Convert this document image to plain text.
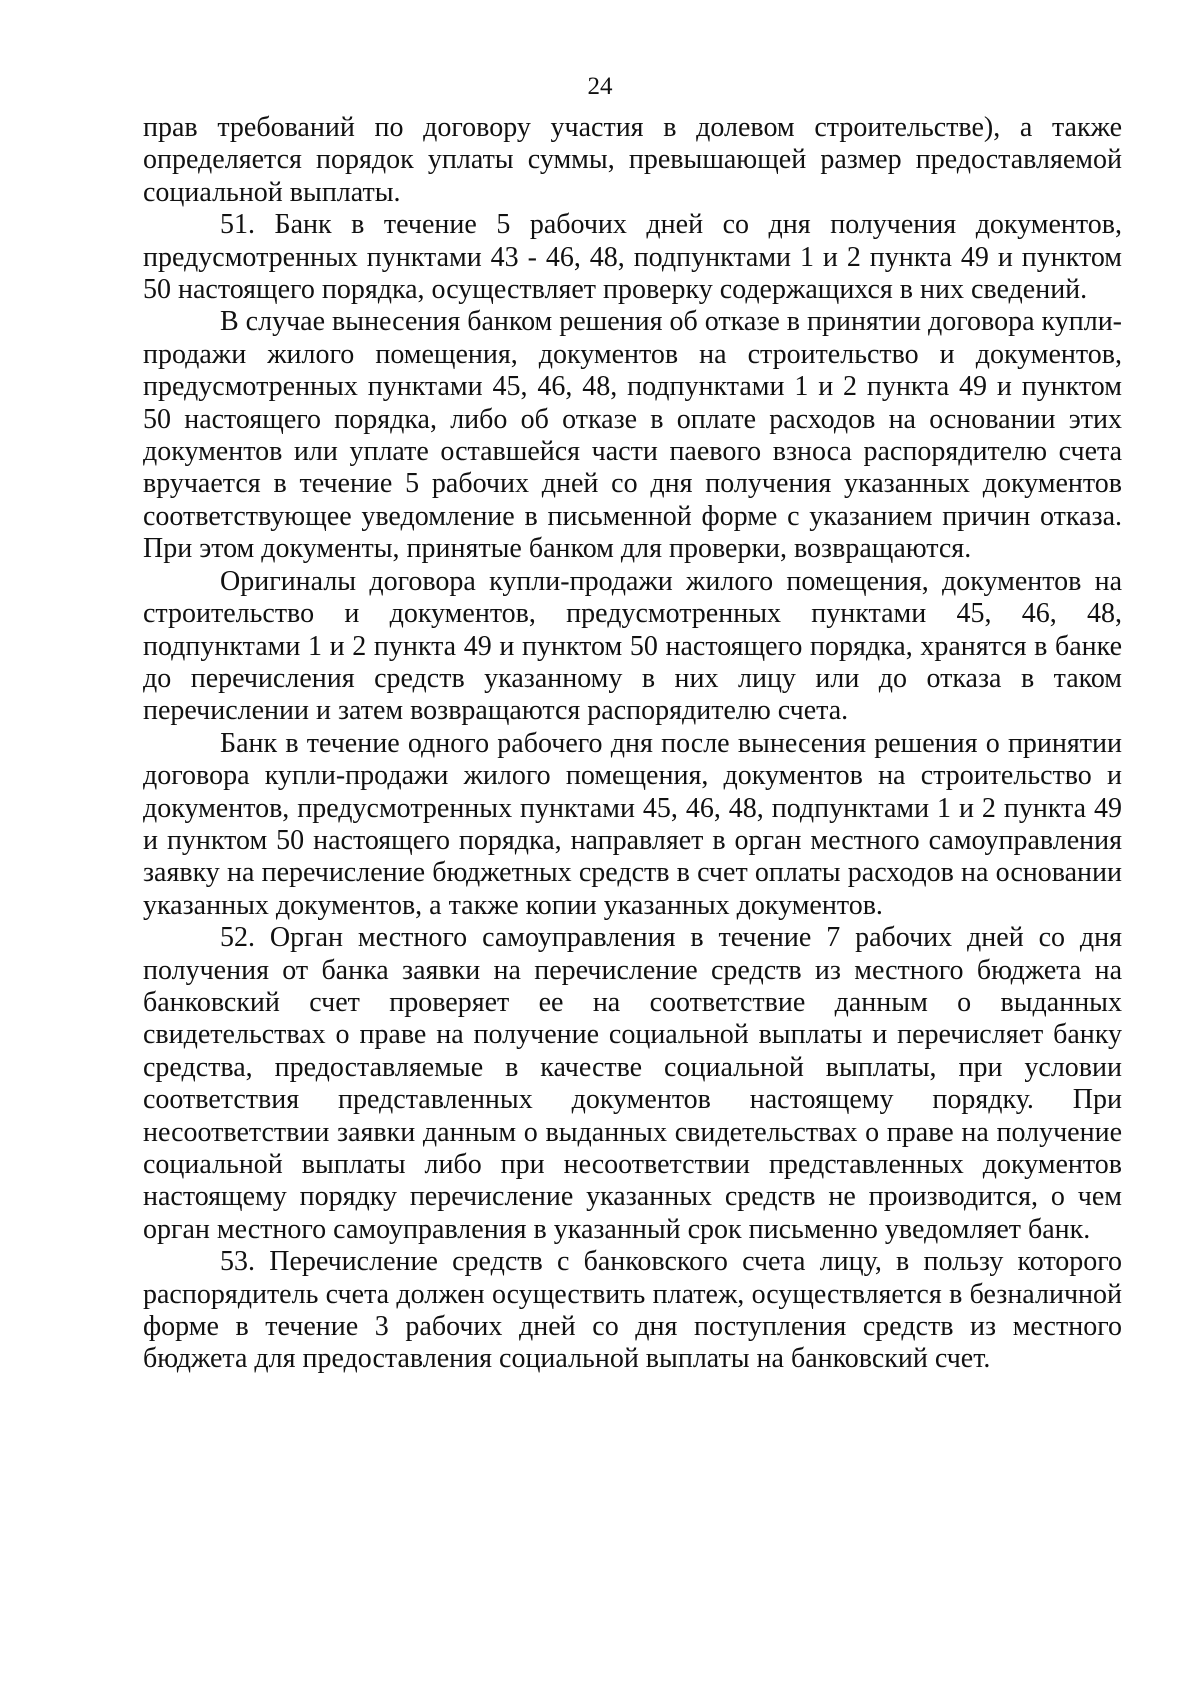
24

прав требований по договору участия в долевом строительстве), а также определяется порядок уплаты суммы, превышающей размер предоставляемой социальной выплаты.

51. Банк в течение 5 рабочих дней со дня получения документов, предусмотренных пунктами 43 - 46, 48, подпунктами 1 и 2 пункта 49 и пунктом 50 настоящего порядка, осуществляет проверку содержащихся в них сведений.

В случае вынесения банком решения об отказе в принятии договора купли-продажи жилого помещения, документов на строительство и документов, предусмотренных пунктами 45, 46, 48, подпунктами 1 и 2 пункта 49 и пунктом 50 настоящего порядка, либо об отказе в оплате расходов на основании этих документов или уплате оставшейся части паевого взноса распорядителю счета вручается в течение 5 рабочих дней со дня получения указанных документов соответствующее уведомление в письменной форме с указанием причин отказа. При этом документы, принятые банком для проверки, возвращаются.

Оригиналы договора купли-продажи жилого помещения, документов на строительство и документов, предусмотренных пунктами 45, 46, 48, подпунктами 1 и 2 пункта 49 и пунктом 50 настоящего порядка, хранятся в банке до перечисления средств указанному в них лицу или до отказа в таком перечислении и затем возвращаются распорядителю счета.

Банк в течение одного рабочего дня после вынесения решения о принятии договора купли-продажи жилого помещения, документов на строительство и документов, предусмотренных пунктами 45, 46, 48, подпунктами 1 и 2 пункта 49 и пунктом 50 настоящего порядка, направляет в орган местного самоуправления заявку на перечисление бюджетных средств в счет оплаты расходов на основании указанных документов, а также копии указанных документов.

52. Орган местного самоуправления в течение 7 рабочих дней со дня получения от банка заявки на перечисление средств из местного бюджета на банковский счет проверяет ее на соответствие данным о выданных свидетельствах о праве на получение социальной выплаты и перечисляет банку средства, предоставляемые в качестве социальной выплаты, при условии соответствия представленных документов настоящему порядку. При несоответствии заявки данным о выданных свидетельствах о праве на получение социальной выплаты либо при несоответствии представленных документов настоящему порядку перечисление указанных средств не производится, о чем орган местного самоуправления в указанный срок письменно уведомляет банк.

53. Перечисление средств с банковского счета лицу, в пользу которого распорядитель счета должен осуществить платеж, осуществляется в безналичной форме в течение 3 рабочих дней со дня поступления средств из местного бюджета для предоставления социальной выплаты на банковский счет.
